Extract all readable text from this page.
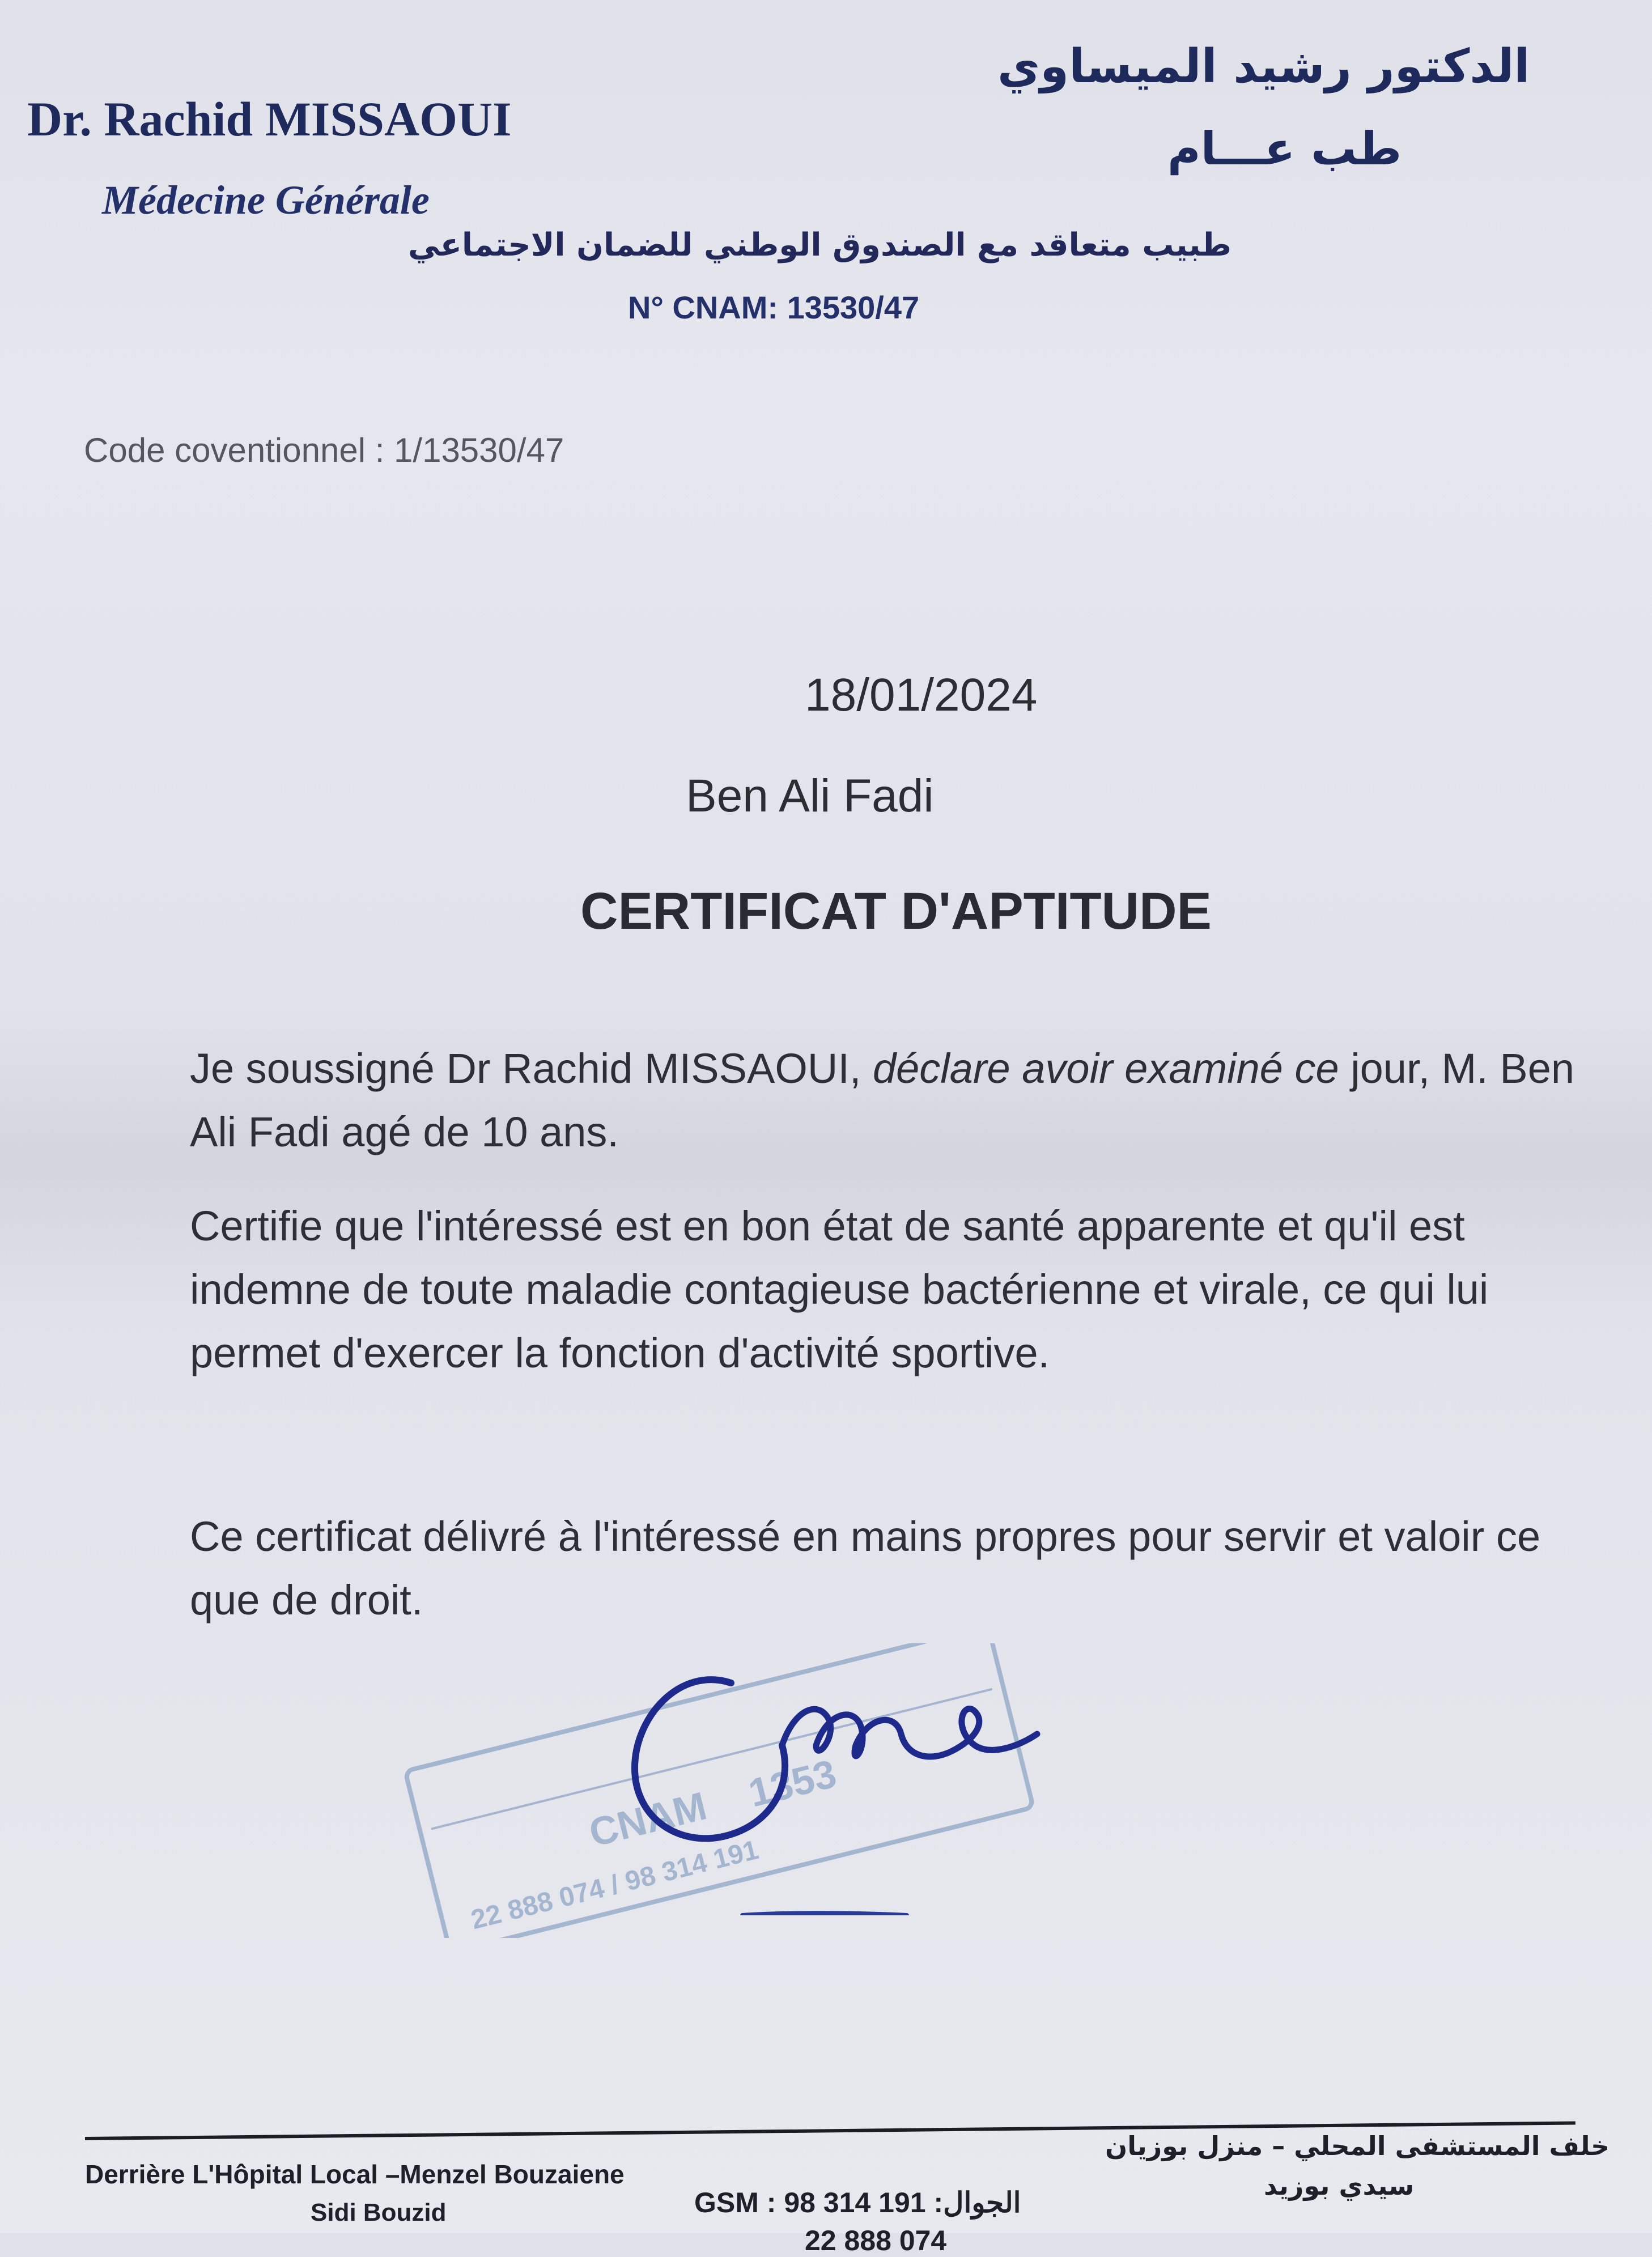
Dr. Rachid MISSAOUI
Médecine Générale
الدكتور رشيد الميساوي
طب عـــام
طبيب متعاقد مع الصندوق الوطني للضمان الاجتماعي
N° CNAM: 13530/47
Code coventionnel : 1/13530/47
18/01/2024
Ben Ali Fadi
CERTIFICAT D'APTITUDE
Je soussigné Dr Rachid MISSAOUI, déclare avoir examiné ce jour, M. Ben Ali Fadi agé de 10 ans.
Certifie que l'intéressé est en bon état de santé apparente et qu'il est indemne de toute maladie contagieuse bactérienne et virale, ce qui lui permet d'exercer la fonction d'activité sportive.
Ce certificat délivré à l'intéressé en mains propres pour servir et valoir ce que de droit.
CNAM
1353
22 888 074 / 98 314 191
Derrière L'Hôpital Local –Menzel Bouzaiene
Sidi Bouzid
خلف المستشفى المحلي – منزل بوزيان
سيدي بوزيد
GSM : 98 314 191 :الجوال
22 888 074
